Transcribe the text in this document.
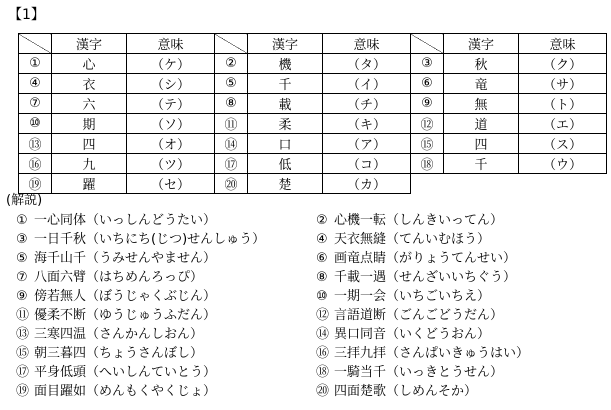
【1】
	漢字	意味		漢字	意味		漢字	意味
①	心	（ケ）	②	機	（タ）	③	秋	（ク）
④	衣	（シ）	⑤	千	（イ）	⑥	竜	（サ）
⑦	六	（テ）	⑧	載	（チ）	⑨	無	（ト）
⑩	期	（ソ）	⑪	柔	（キ）	⑫	道	（エ）
⑬	四	（オ）	⑭	口	（ア）	⑮	四	（ス）
⑯	九	（ツ）	⑰	低	（コ）	⑱	千	（ウ）
⑲	躍	（セ）	⑳	楚	（カ）			
(解説)
① 一心同体（いっしんどうたい）
③ 一日千秋（いちにち(じつ)せんしゅう）
⑤ 海千山千（うみせんやません）
⑦ 八面六臂（はちめんろっぴ）
⑨ 傍若無人（ぼうじゃくぶじん）
⑪ 優柔不断（ゆうじゅうふだん）
⑬ 三寒四温（さんかんしおん）
⑮ 朝三暮四（ちょうさんぼし）
⑰ 平身低頭（へいしんていとう）
⑲ 面目躍如（めんもくやくじょ）
② 心機一転（しんきいってん）
④ 天衣無縫（てんいむほう）
⑥ 画竜点睛（がりょうてんせい）
⑧ 千載一遇（せんざいいちぐう）
⑩ 一期一会（いちごいちえ）
⑫ 言語道断（ごんごどうだん）
⑭ 異口同音（いくどうおん）
⑯ 三拝九拝（さんぱいきゅうはい）
⑱ 一騎当千（いっきとうせん）
⑳ 四面楚歌（しめんそか）
